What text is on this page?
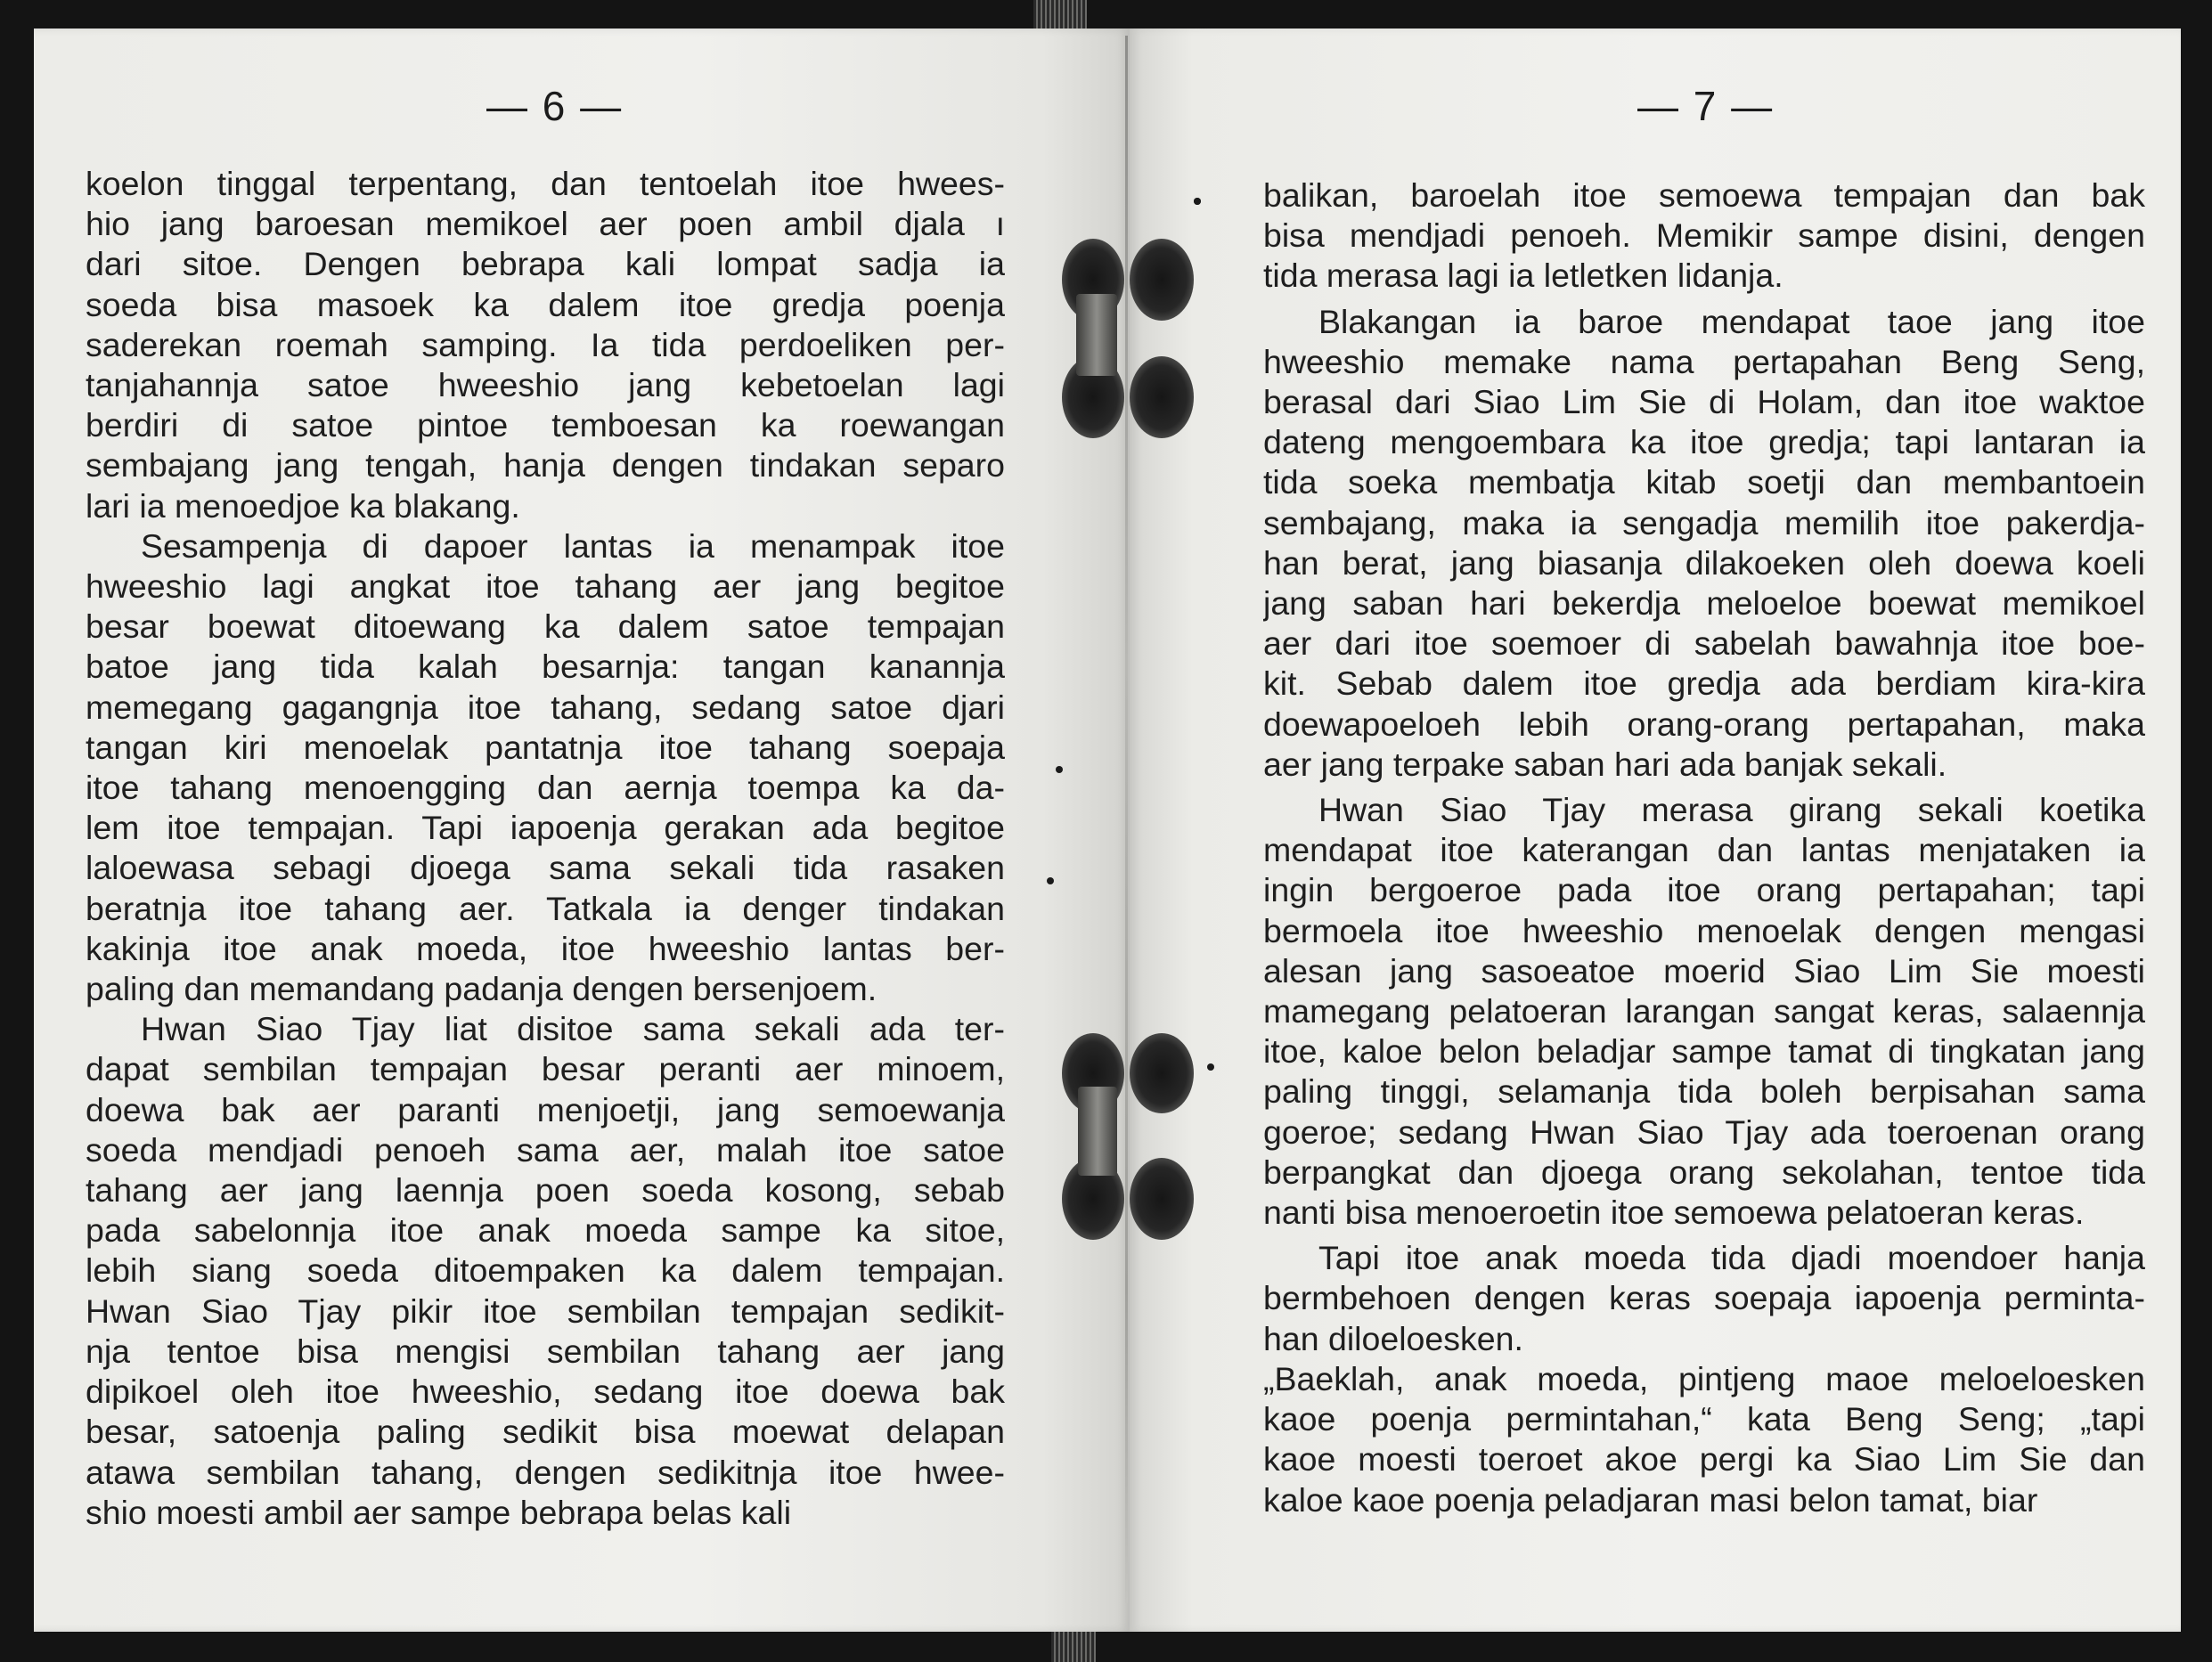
— 6 —
koelon tinggal terpentang, dan tentoelah itoe hwees-
hio jang baroesan memikoel aer poen ambil djala ı
dari sitoe. Dengen bebrapa kali lompat sadja ia
soeda bisa masoek ka dalem itoe gredja poenja
saderekan roemah samping. Ia tida perdoeliken per-
tanjahannja satoe hweeshio jang kebetoelan lagi
berdiri di satoe pintoe temboesan ka roewangan
sembajang jang tengah, hanja dengen tindakan separo
lari ia menoedjoe ka blakang.
Sesampenja di dapoer lantas ia menampak itoe
hweeshio lagi angkat itoe tahang aer jang begitoe
besar boewat ditoewang ka dalem satoe tempajan
batoe jang tida kalah besarnja: tangan kanannja
memegang gagangnja itoe tahang, sedang satoe djari
tangan kiri menoelak pantatnja itoe tahang soepaja
itoe tahang menoengging dan aernja toempa ka da-
lem itoe tempajan. Tapi iapoenja gerakan ada begitoe
laloewasa sebagi djoega sama sekali tida rasaken
beratnja itoe tahang aer. Tatkala ia denger tindakan
kakinja itoe anak moeda, itoe hweeshio lantas ber-
paling dan memandang padanja dengen bersenjoem.
Hwan Siao Tjay liat disitoe sama sekali ada ter-
dapat sembilan tempajan besar peranti aer minoem,
doewa bak aer paranti menjoetji, jang semoewanja
soeda mendjadi penoeh sama aer, malah itoe satoe
tahang aer jang laennja poen soeda kosong, sebab
pada sabelonnja itoe anak moeda sampe ka sitoe,
lebih siang soeda ditoempaken ka dalem tempajan.
Hwan Siao Tjay pikir itoe sembilan tempajan sedikit-
nja tentoe bisa mengisi sembilan tahang aer jang
dipikoel oleh itoe hweeshio, sedang itoe doewa bak
besar, satoenja paling sedikit bisa moewat delapan
atawa sembilan tahang, dengen sedikitnja itoe hwee-
shio moesti ambil aer sampe bebrapa belas kali
— 7 —
balikan, baroelah itoe semoewa tempajan dan bak
bisa mendjadi penoeh. Memikir sampe disini, dengen
tida merasa lagi ia letletken lidanja.
Blakangan ia baroe mendapat taoe jang itoe
hweeshio memake nama pertapahan Beng Seng,
berasal dari Siao Lim Sie di Holam, dan itoe waktoe
dateng mengoembara ka itoe gredja; tapi lantaran ia
tida soeka membatja kitab soetji dan membantoein
sembajang, maka ia sengadja memilih itoe pakerdja-
han berat, jang biasanja dilakoeken oleh doewa koeli
jang saban hari bekerdja meloeloe boewat memikoel
aer dari itoe soemoer di sabelah bawahnja itoe boe-
kit. Sebab dalem itoe gredja ada berdiam kira-kira
doewapoeloeh lebih orang-orang pertapahan, maka
aer jang terpake saban hari ada banjak sekali.
Hwan Siao Tjay merasa girang sekali koetika
mendapat itoe katerangan dan lantas menjataken ia
ingin bergoeroe pada itoe orang pertapahan; tapi
bermoela itoe hweeshio menoelak dengen mengasi
alesan jang sasoeatoe moerid Siao Lim Sie moesti
mamegang pelatoeran larangan sangat keras, salaennja
itoe, kaloe belon beladjar sampe tamat di tingkatan jang
paling tinggi, selamanja tida boleh berpisahan sama
goeroe; sedang Hwan Siao Tjay ada toeroenan orang
berpangkat dan djoega orang sekolahan, tentoe tida
nanti bisa menoeroetin itoe semoewa pelatoeran keras.
Tapi itoe anak moeda tida djadi moendoer hanja
bermbehoen dengen keras soepaja iapoenja perminta-
han diloeloesken.
„Baeklah, anak moeda, pintjeng maoe meloeloesken
kaoe poenja permintahan,“ kata Beng Seng; „tapi
kaoe moesti toeroet akoe pergi ka Siao Lim Sie dan
kaloe kaoe poenja peladjaran masi belon tamat, biar
